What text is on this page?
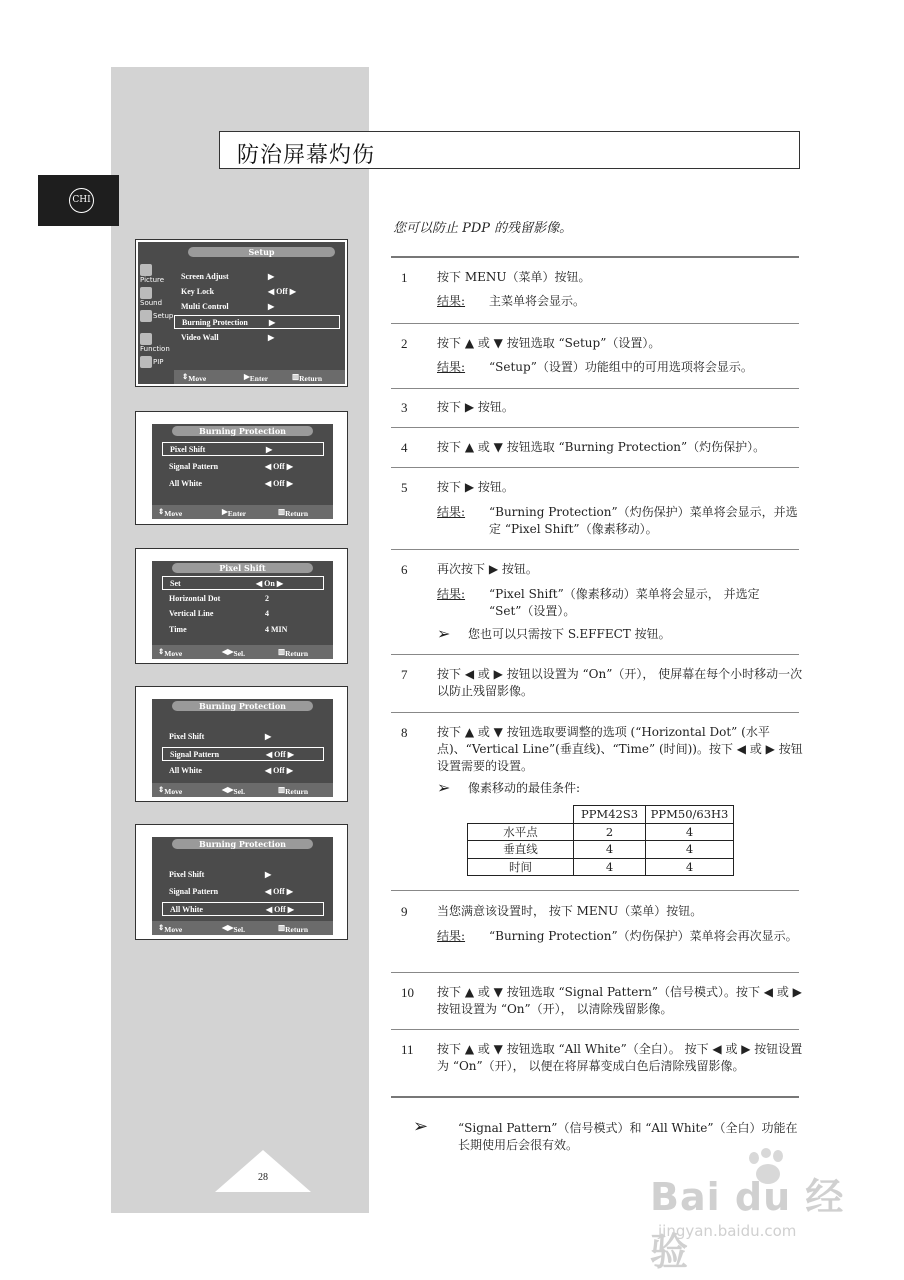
CHI
防治屏幕灼伤
您可以防止 PDP 的残留影像。
Setup
Picture
Sound
Setup
Function
PIP
Screen Adjust	▶
Key Lock	◀ Off ▶
Multi Control	▶
Burning Protection	▶
Video Wall	▶
⇕ Move	▶ Enter	▥ Return
Burning Protection
Pixel Shift	▶
Signal Pattern	◀ Off ▶
All White	◀ Off ▶
⇕ Move	▶ Enter	▥ Return
Pixel Shift
Set	◀ On ▶
Horizontal Dot	2
Vertical Line	4
Time	4 MIN
⇕ Move	◀▶ Sel.	▥ Return
Burning Protection
Pixel Shift	▶
Signal Pattern	◀ Off ▶
All White	◀ Off ▶
⇕ Move	◀▶ Sel.	▥ Return
Burning Protection
Pixel Shift	▶
Signal Pattern	◀ Off ▶
All White	◀ Off ▶
⇕ Move	◀▶ Sel.	▥ Return
1	按下 MENU（菜单）按钮。
结果: 主菜单将会显示。
2	按下 ▲ 或 ▼ 按钮选取 “Setup”（设置）。
结果: “Setup”（设置）功能组中的可用选项将会显示。
3	按下 ▶ 按钮。
4	按下 ▲ 或 ▼ 按钮选取 “Burning Protection”（灼伤保护）。
5	按下 ▶ 按钮。
结果: “Burning Protection”（灼伤保护）菜单将会显示，并选定 “Pixel Shift”（像素移动）。
6	再次按下 ▶ 按钮。
结果: “Pixel Shift”（像素移动）菜单将会显示， 并选定 “Set”（设置）。
➢ 您也可以只需按下 S.EFFECT 按钮。
7	按下 ◀ 或 ▶ 按钮以设置为 “On”（开）， 使屏幕在每个小时移动一次以防止残留影像。
8	按下 ▲ 或 ▼ 按钮选取要调整的选项 (“Horizontal Dot” (水平点)、“Vertical Line”(垂直线)、“Time” (时间))。按下 ◀ 或 ▶ 按钮设置需要的设置。
➢ 像素移动的最佳条件:
	PPM42S3	PPM50/63H3
水平点	2	4
垂直线	4	4
时间	4	4
9	当您满意该设置时， 按下 MENU（菜单）按钮。
结果: “Burning Protection”（灼伤保护）菜单将会再次显示。
10	按下 ▲ 或 ▼ 按钮选取 “Signal Pattern”（信号模式）。按下 ◀ 或 ▶ 按钮设置为 “On”（开）， 以清除残留影像。
11	按下 ▲ 或 ▼ 按钮选取 “All White”（全白）。 按下 ◀ 或 ▶ 按钮设置为 “On”（开）， 以便在将屏幕变成白色后清除残留影像。
➢ “Signal Pattern”（信号模式）和 “All White”（全白）功能在长期使用后会很有效。
28	Bai du 经验
jingyan.baidu.com
